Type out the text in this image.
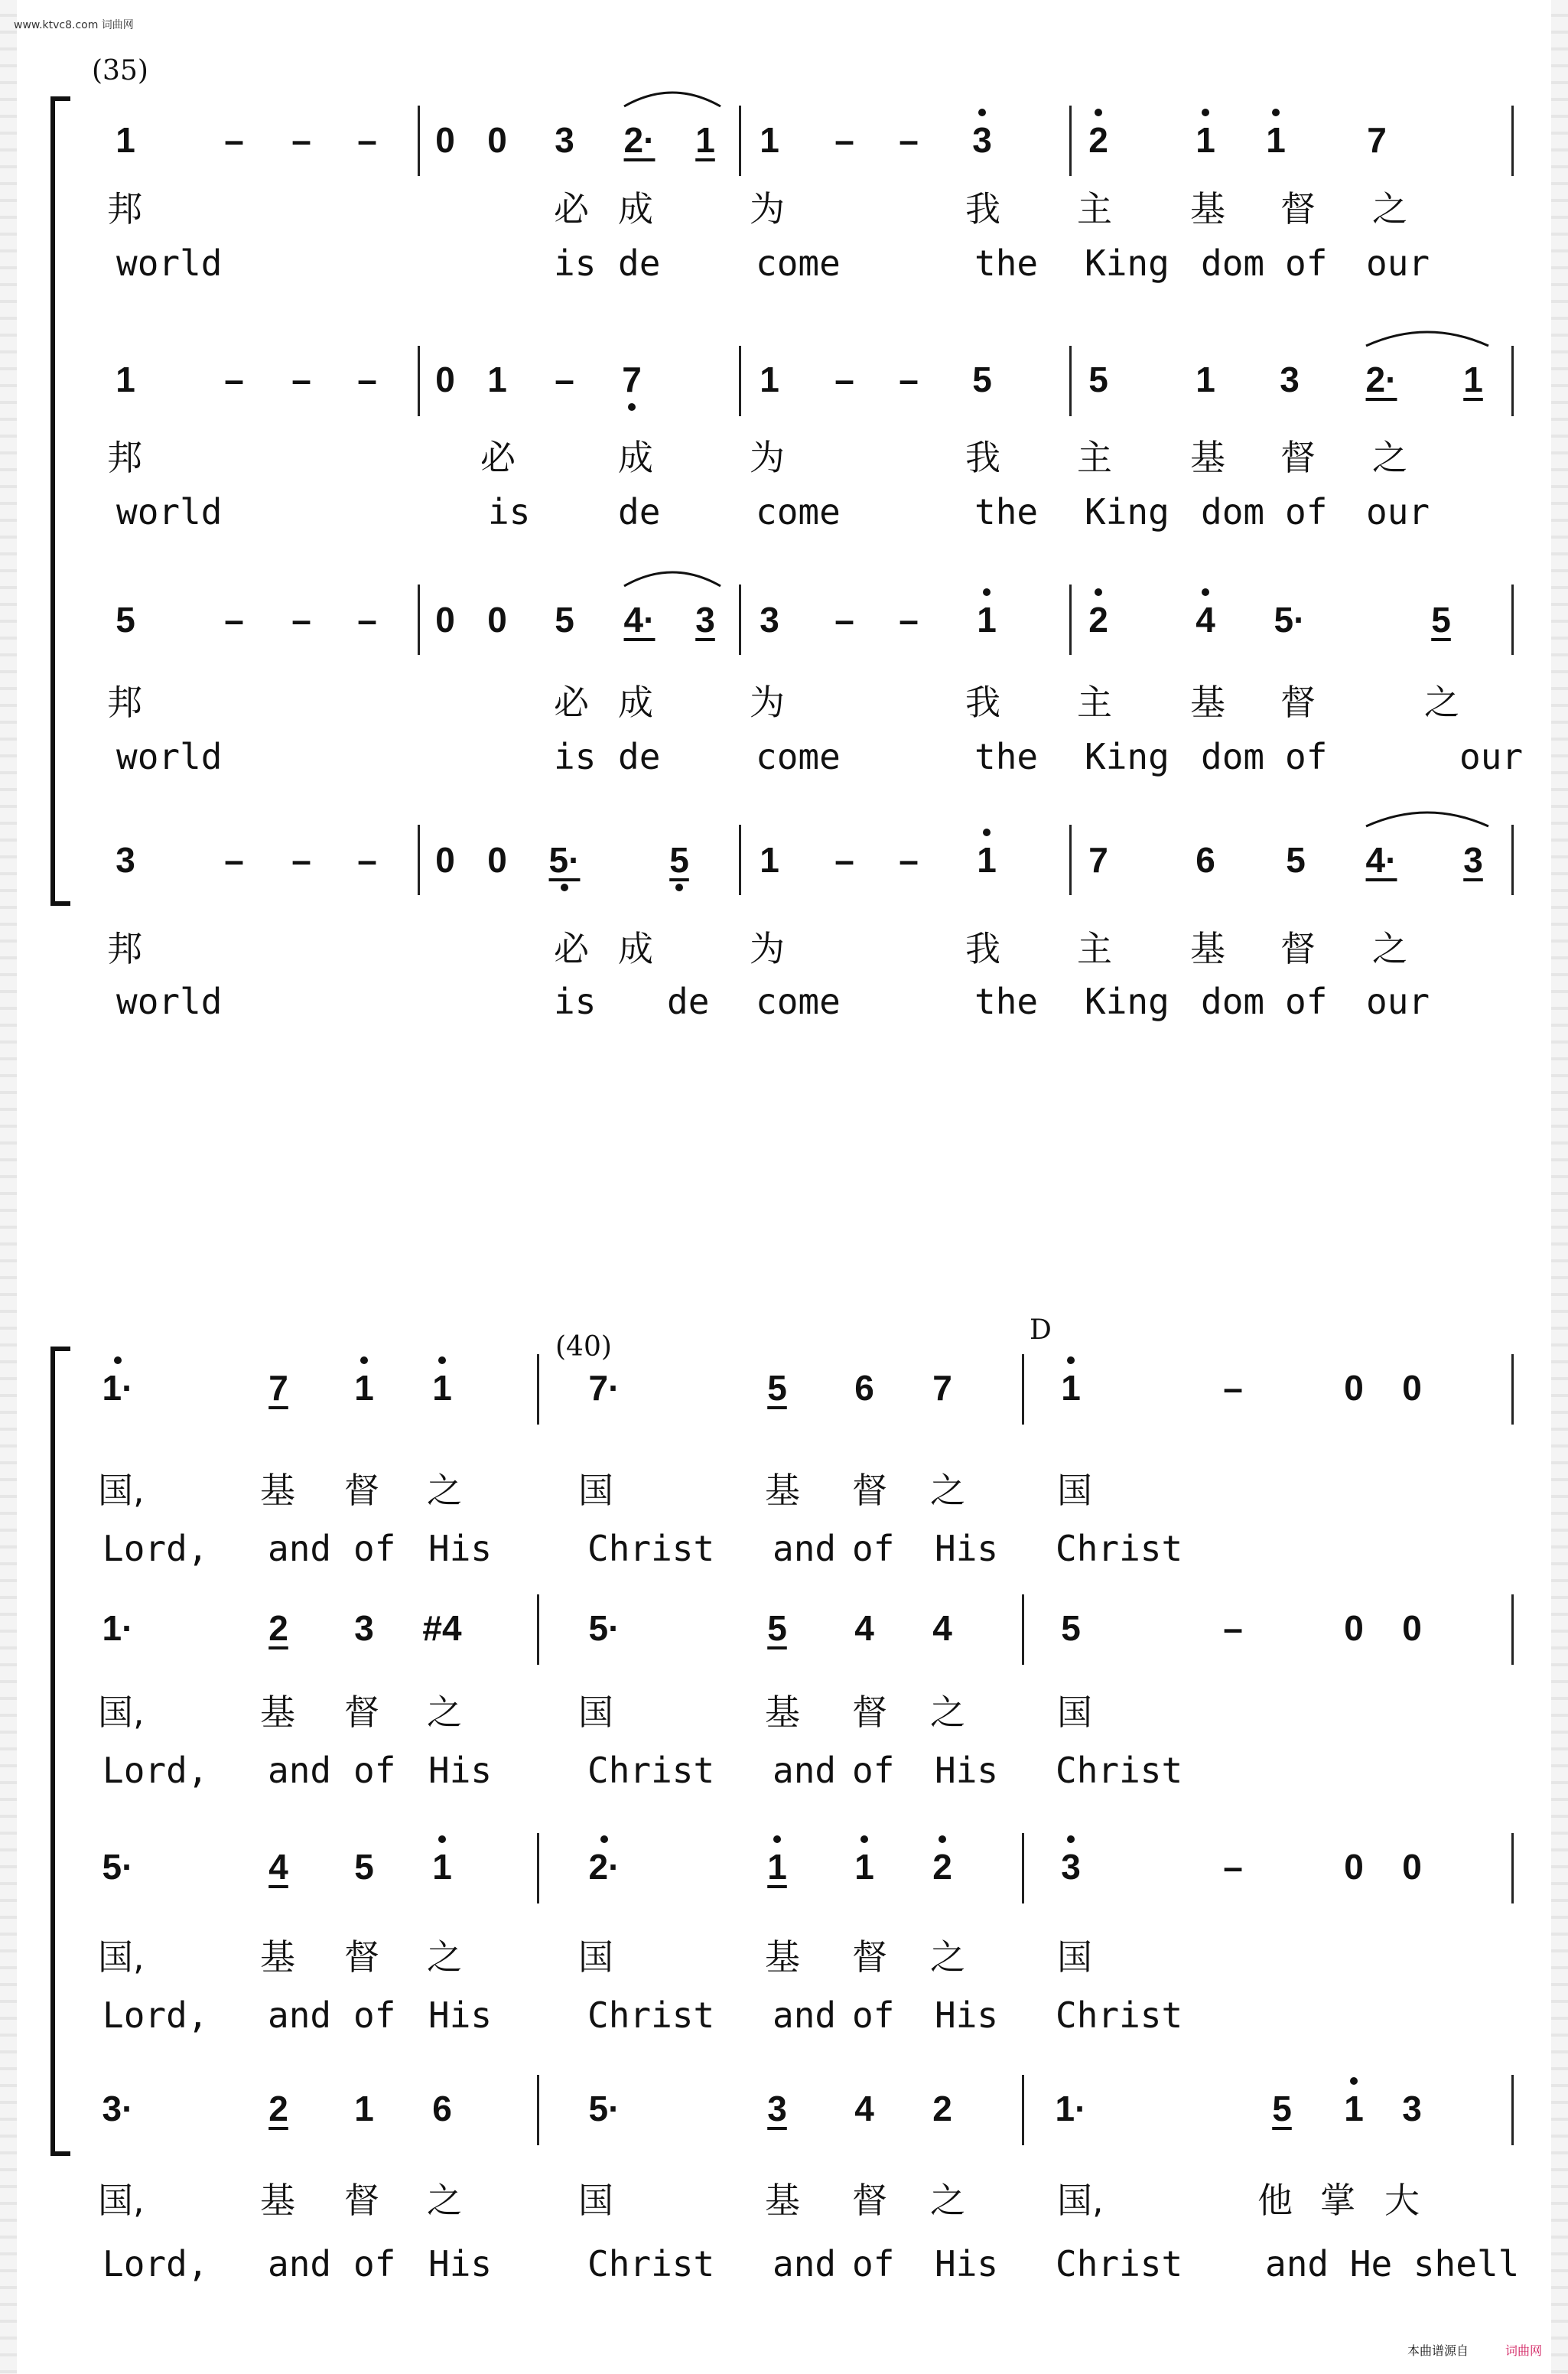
www.ktvc8.com 词曲网
(35)
(40)
D
1	–	–	–	0 0	3	2·	1	1	–	–	3	2	1	1	7
邦	必 成	为	我 主 基 督 之
world	is de	come	the King dom of our
1	–	–	–	0 1	–	7	1	–	–	5	5	1	3	2·	1
邦	必	成	为	我 主 基 督 之
world	is de	come	the King dom of our
5	–	–	–	0 0	5	4·	3	3	–	–	1	2	4	5·	5
邦	必 成	为	我 主 基 督	之
world	is de	come	the King dom of	our
3	–	–	–	0 0	5·	5	1	–	–	1	7	6	5	4·	3
邦	必 成	为	我 主 基 督 之
world	is de come	the King dom of our
1·	7	1	1	7·	5	6	7	1	–	0	0
国,	基 督 之	国	基 督 之	国
Lord, and of His	Christ and of His Christ
1·	2	3	#4	5·	5	4	4	5	–	0	0
国,	基 督 之	国	基 督 之	国
Lord, and of His	Christ and of His Christ
5·	4	5	1	2·	1	1	2	3	–	0	0
国,	基 督 之	国	基 督 之	国
Lord, and of His	Christ and of His Christ
3·	2	1	6	5·	3	4	2	1·	5	1	3
国,	基 督 之	国	基 督 之	国,	他 掌 大
Lord, and of His	Christ and of His Christ and He shell
本曲谱源自	词曲网
